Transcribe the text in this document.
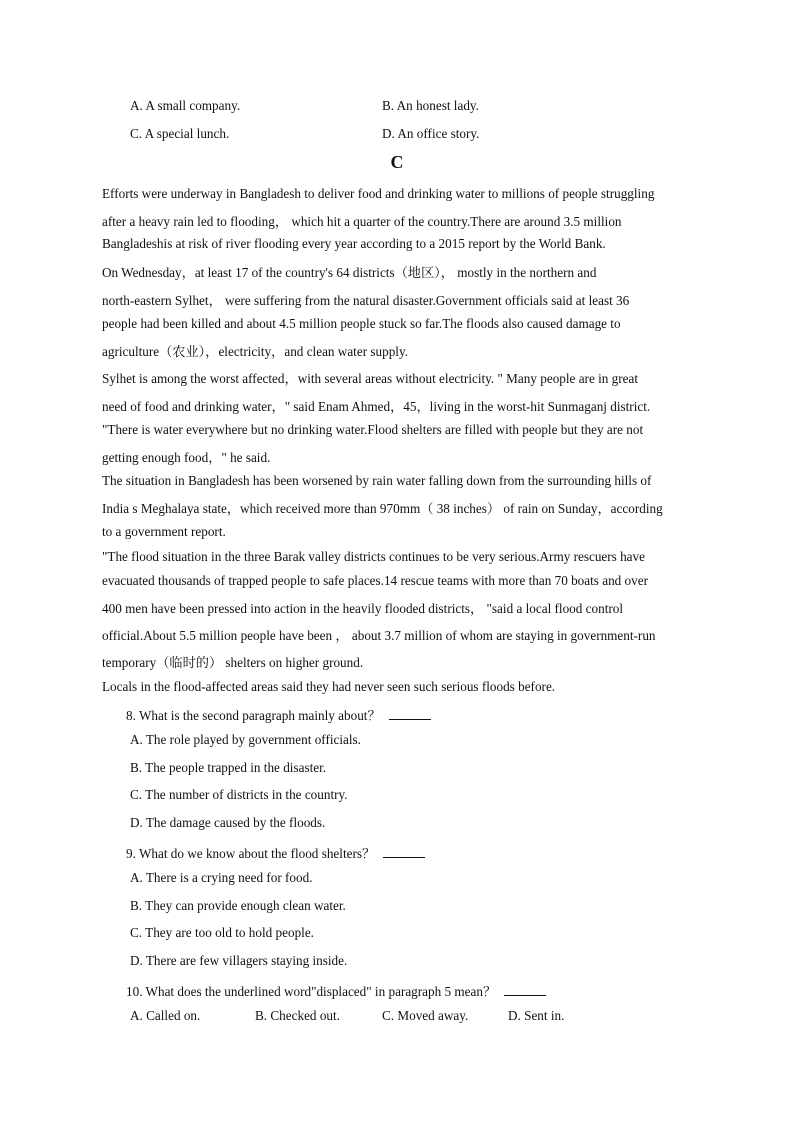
A. A small company.	B. An honest lady.
C. A special lunch.	D. An office story.
C
Efforts were underway in Bangladesh to deliver food and drinking water to millions of people struggling
after a heavy rain led to flooding， which hit a quarter of the country.There are around 3.5 million
Bangladeshis at risk of river flooding every year according to a 2015 report by the World Bank.
On Wednesday，at least 17 of the country's 64 districts（地区）， mostly in the northern and
north-eastern Sylhet， were suffering from the natural disaster.Government officials said at least 36
people had been killed and about 4.5 million people stuck so far.The floods also caused damage to
agriculture（农业），electricity，and clean water supply.
Sylhet is among the worst affected，with several areas without electricity. " Many people are in great
need of food and drinking water，" said Enam Ahmed，45，living in the worst-hit Sunmaganj district.
"There is water everywhere but no drinking water.Flood shelters are filled with people but they are not
getting enough food，" he said.
The situation in Bangladesh has been worsened by rain water falling down from the surrounding hills of
India s Meghalaya state，which received more than 970mm（ 38 inches） of rain on Sunday，according
to a government report.
"The flood situation in the three Barak valley districts continues to be very serious.Army rescuers have
evacuated thousands of trapped people to safe places.14 rescue teams with more than 70 boats and over
400 men have been pressed into action in the heavily flooded districts， "said a local flood control
official.About 5.5 million people have been ， about 3.7 million of whom are staying in government-run
temporary（临时的） shelters on higher ground.
Locals in the flood-affected areas said they had never seen such serious floods before.
8. What is the second paragraph mainly about？
A. The role played by government officials.
B. The people trapped in the disaster.
C. The number of districts in the country.
D. The damage caused by the floods.
9. What do we know about the flood shelters？
A. There is a crying need for food.
B. They can provide enough clean water.
C. They are too old to hold people.
D. There are few villagers staying inside.
10. What does the underlined word"displaced" in paragraph 5 mean？
A. Called on.	B. Checked out.	C. Moved away.	D. Sent in.
